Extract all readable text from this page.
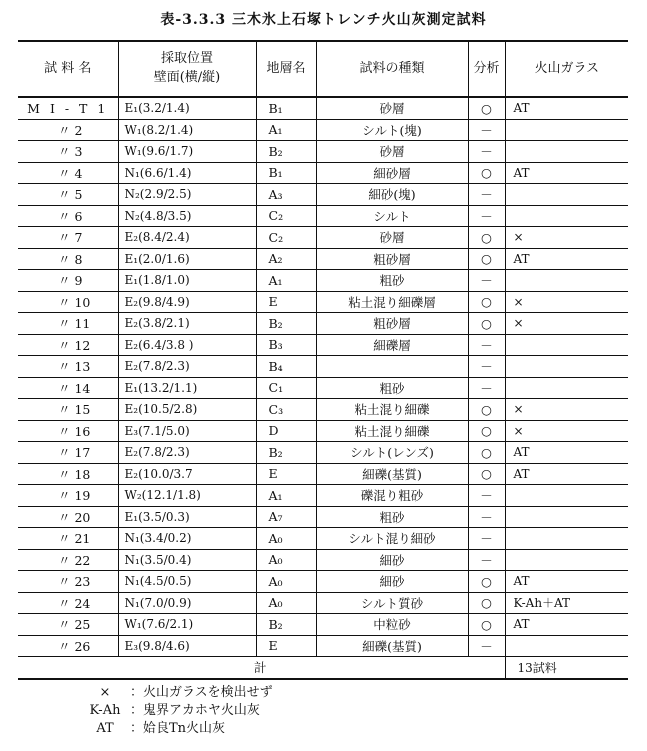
表-3.3.3 三木氷上石塚トレンチ火山灰測定試料
試 料 名	採取位置
壁面(横/縦)	地層名	試料の種類	分析	火山ガラス
M I - T 1	E₁(3.2/1.4)	B₁	砂層	○	AT
〃 2	W₁(8.2/1.4)	A₁	シルト(塊)	－	
〃 3	W₁(9.6/1.7)	B₂	砂層	－	
〃 4	N₁(6.6/1.4)	B₁	細砂層	○	AT
〃 5	N₂(2.9/2.5)	A₃	細砂(塊)	－	
〃 6	N₂(4.8/3.5)	C₂	シルト	－	
〃 7	E₂(8.4/2.4)	C₂	砂層	○	×
〃 8	E₁(2.0/1.6)	A₂	粗砂層	○	AT
〃 9	E₁(1.8/1.0)	A₁	粗砂	－	
〃 10	E₂(9.8/4.9)	E	粘土混り細礫層	○	×
〃 11	E₂(3.8/2.1)	B₂	粗砂層	○	×
〃 12	E₂(6.4/3.8 )	B₃	細礫層	－	
〃 13	E₂(7.8/2.3)	B₄		－	
〃 14	E₁(13.2/1.1)	C₁	粗砂	－	
〃 15	E₂(10.5/2.8)	C₃	粘土混り細礫	○	×
〃 16	E₃(7.1/5.0)	D	粘土混り細礫	○	×
〃 17	E₂(7.8/2.3)	B₂	シルト(レンズ)	○	AT
〃 18	E₂(10.0/3.7	E	細礫(基質)	○	AT
〃 19	W₂(12.1/1.8)	A₁	礫混り粗砂	－	
〃 20	E₁(3.5/0.3)	A₇	粗砂	－	
〃 21	N₁(3.4/0.2)	A₀	シルト混り細砂	－	
〃 22	N₁(3.5/0.4)	A₀	細砂	－	
〃 23	N₁(4.5/0.5)	A₀	細砂	○	AT
〃 24	N₁(7.0/0.9)	A₀	シルト質砂	○	K-Ah＋AT
〃 25	W₁(7.6/2.1)	B₂	中粒砂	○	AT
〃 26	E₃(9.8/4.6)	E	細礫(基質)	－	
計					13試料
×	：火山ガラスを検出せず
K-Ah ：鬼界アカホヤ火山灰
AT	：姶良Tn火山灰
